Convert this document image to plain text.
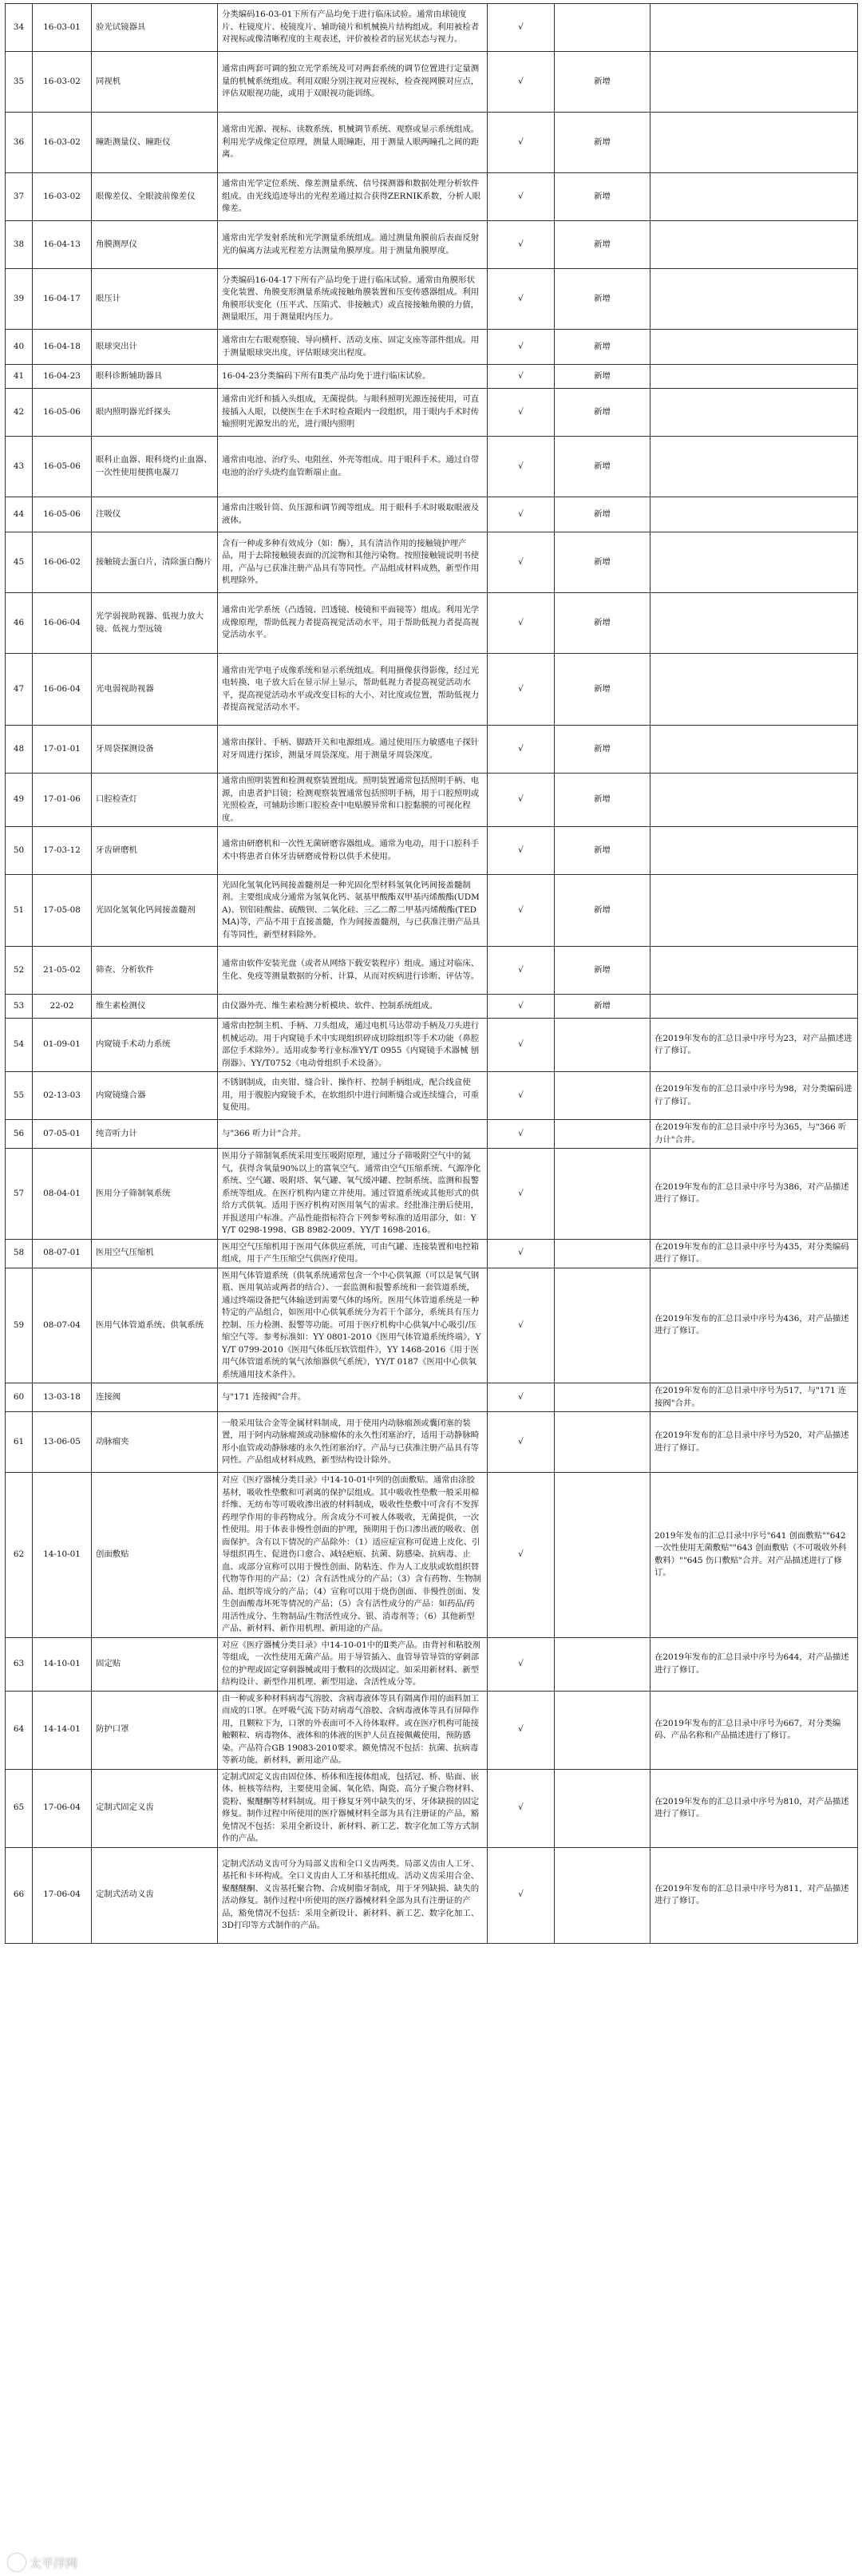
34	16-03-01	验光试镜器具	分类编码16-03-01下所有产品均免于进行临床试验。通常由球镜度片、柱镜度片、棱镜度片、辅助镜片和机械换片结构组成。利用被检者对视标或像清晰程度的主观表述，评价被检者的屈光状态与视力。	√		
35	16-03-02	同视机	通常由两套可调的独立光学系统及可对两套系统的调节位置进行定量测量的机械系统组成。利用双眼分别注视对应视标，检查视网膜对应点，评估双眼视功能，或用于双眼视功能训练。	√	新增	
36	16-03-02	瞳距测量仪、瞳距仪	通常由光源、视标、读数系统、机械调节系统、观察或显示系统组成。利用光学成像定位原理，测量人眼瞳距，用于测量人眼两瞳孔之间的距离。	√	新增	
37	16-03-02	眼像差仪、全眼波前像差仪	通常由光学定位系统、像差测量系统、信号探测器和数据处理分析软件组成。由光线追迹导出的光程差通过拟合获得ZERNIK系数，分析人眼像差。	√	新增	
38	16-04-13	角膜测厚仪	通常由光学发射系统和光学测量系统组成。通过测量角膜前后表面反射光的偏离方法或光程差方法测量角膜厚度。用于测量角膜厚度。	√	新增	
39	16-04-17	眼压计	分类编码16-04-17下所有产品均免于进行临床试验。通常由角膜形状变化装置、角膜变形测量系统或接触角膜装置和压变传感器组成。利用角膜形状变化（压平式、压陷式、非接触式）或直接接触角膜的力值，测量眼压，用于测量眼内压力。	√	新增	
40	16-04-18	眼球突出计	通常由左右眼观察镜、导向横杆、活动支座、固定支座等部件组成。用于测量眼球突出度，评估眼球突出程度。	√	新增	
41	16-04-23	眼科诊断辅助器具	16-04-23分类编码下所有Ⅱ类产品均免于进行临床试验。	√	新增	
42	16-05-06	眼内照明器光纤探头	通常由光纤和插入头组成，无菌提供。与眼科照明光源连接使用，可直接插入人眼，以便医生在手术时检查眼内一段组织，用于眼内手术时传输照明光源发出的光，进行眼内照明	√	新增	
43	16-05-06	眼科止血器、眼科烧灼止血器、一次性使用便携电凝刀	通常由电池、治疗头、电阻丝、外壳等组成。用于眼科手术。通过自带电池的治疗头烧灼血管断端止血。	√	新增	
44	16-05-06	注吸仪	通常由注吸针筒、负压源和调节阀等组成。用于眼科手术时吸取眼液及液体。	√	新增	
45	16-06-02	接触镜去蛋白片，清除蛋白酶片	含有一种或多种有效成分（如：酶），具有清洁作用的接触镜护理产品，用于去除接触镜表面的沉淀物和其他污染物。按照接触镜说明书使用，产品与已获准注册产品具有等同性。产品组成材料成熟，新型作用机理除外。	√	新增	
46	16-06-04	光学弱视助视器、低视力放大镜、低视力型远镜	通常由光学系统（凸透镜、凹透镜、棱镜和平面镜等）组成。利用光学成像原理，帮助低视力者提高视觉活动水平，用于帮助低视力者提高视觉活动水平。	√	新增	
47	16-06-04	光电弱视助视器	通常由光学电子成像系统和显示系统组成。利用摄像获得影像，经过光电转换、电子放大后在显示屏上显示，帮助低视力者提高视觉活动水平，提高视觉活动水平或改变目标的大小、对比度或位置，帮助低视力者提高视觉活动水平。	√	新增	
48	17-01-01	牙周袋探测设备	通常由探针、手柄、脚踏开关和电源组成。通过使用压力敏感电子探针对牙周进行探诊，测量牙周袋深度。用于测量牙周袋深度。	√	新增	
49	17-01-06	口腔检查灯	通常由照明装置和检测观察装置组成。照明装置通常包括照明手柄、电源，由患者护目镜；检测观察装置通常包括照明手柄，用于口腔照明或光照检查，可辅助诊断口腔检查中电贴膜异常和口腔黏膜的可视化程度。	√	新增	
50	17-03-12	牙齿研磨机	通常由研磨机和一次性无菌研磨容器组成。通常为电动，用于口腔科手术中将患者自体牙齿研磨成骨粉以供手术使用。	√	新增	
51	17-05-08	光固化氢氧化钙间接盖髓剂	光固化氢氧化钙间接盖髓剂是一种光固化型材料氢氧化钙间接盖髓制剂。主要组成成分通常为氢氧化钙、氨基甲酸酯双甲基丙烯酸酯(UDMA)、钡铝硅酸盐、硫酸钡、二氧化硅、三乙二醇二甲基丙烯酸酯(TEDMA)等，产品不用于直接盖髓，作为间接盖髓剂，与已获准注册产品具有等同性，新型材料除外。	√	新增	
52	21-05-02	筛查、分析软件	通常由软件安装光盘（或者从网络下载安装程序）组成。通过对临床、生化、免疫等测量数据的分析、计算，从而对疾病进行诊断、评估等。	√	新增	
53	22-02	维生素检测仪	由仪器外壳、维生素检测分析模块、软件、控制系统组成。	√	新增	
54	01-09-01	内窥镜手术动力系统	通常由控制主机、手柄、刀头组成，通过电机马达带动手柄及刀头进行机械运动。用于内窥镜手术中实现组织碎成切除组织等手术功能（鼻腔部位手术除外）。适用或参考行业标准YY/T 0955《内窥镜手术器械 刨削器》、YY/T0752《电动骨组织手术设备》。	√		在2019年发布的汇总目录中序号为23，对产品描述进行了修订。
55	02-13-03	内窥镜缝合器	不锈钢制成，由夹钳、缝合针、操作杆、控制手柄组成，配合线盒使用，用于腹腔内窥镜手术，在软组织中进行间断缝合或连续缝合，可重复使用。	√		在2019年发布的汇总目录中序号为98，对分类编码进行了修订。
56	07-05-01	纯音听力计	与"366 听力计"合并。	√		在2019年发布的汇总目录中序号为365，与"366 听力计"合并。
57	08-04-01	医用分子筛制氧系统	医用分子筛制氧系统采用变压吸附原理，通过分子筛吸附空气中的氮气，获得含氧量90%以上的富氧空气。通常由空气压缩系统、气源净化系统、空气罐、吸附塔、氧气罐、氧气缓冲罐、控制系统、监测和报警系统等组成。在医疗机构内建立并使用。通过管道系统或其他形式的供给方式供氧。适用于医疗机构对医用氧气的需求。经批准注册后使用，并报送用户标准。产品性能指标符合下列参考标准的适用部分，如：YY/T 0298-1998、GB 8982-2009、YY/T 1698-2016。	√		在2019年发布的汇总目录中序号为386，对产品描述进行了修订。
58	08-07-01	医用空气压缩机	医用空气压缩机用于医用气体供应系统，可由气罐、连接装置和电控箱组成，用于产生压缩空气供医疗使用。	√		在2019年发布的汇总目录中序号为435，对分类编码进行了修订。
59	08-07-04	医用气体管道系统、供氧系统	医用气体管道系统（供氧系统通常包含一个中心供氧源（可以是氧气钢瓶、医用氧站或两者的结合）、一套监测和报警系统和一套管道系统，通过终端设备把气体输送到需要气体的场所。医用气体管道系统是一种特定的产品组合，如医用中心供氧系统分为若干个部分，系统具有压力控制、压力检测、报警等功能。可用于医疗机构中心供氧/中心吸引/压缩空气等。参考标准如：YY 0801-2010《医用气体管道系统终端》，YY/T 0799-2010《医用气体低压软管组件》，YY 1468-2016《用于医用气体管道系统的氧气浓缩器供气系统》，YY/T 0187《医用中心供氧系统通用技术条件》。	√		在2019年发布的汇总目录中序号为436，对产品描述进行了修订。
60	13-03-18	连接阀	与"171 连接阀"合并。	√		在2019年发布的汇总目录中序号为517，与"171 连接阀"合并。
61	13-06-05	动脉瘤夹	一般采用钛合金等金属材料制成，用于使用内动脉瘤颈或囊闭塞的装置，用于阿内动脉瘤颈或动脉瘤体的永久性闭塞治疗，适用于动静脉畸形小血管或动静脉瘘的永久性闭塞治疗。产品与已获准注册产品具有等同性。产品组成材料成熟，新型结构设计除外。	√		在2019年发布的汇总目录中序号为520，对产品描述进行了修订。
62	14-10-01	创面敷贴	对应《医疗器械分类目录》中14-10-01中列的创面敷贴。通常由涂胶基材，吸收性垫敷和可剥离的保护层组成。其中吸收性垫敷一般采用棉纤维、无纺布等可吸收渗出液的材料制成，吸收性垫敷中可含有不发挥药理学作用的非药物成分。所含成分不可被人体吸收，无菌提供，一次性使用。用于体表非慢性创面的护理，预期用于伤口渗出液的吸收、创面保护。含有以下情况的产品除外：（1）适应症宣称可促进上皮化、引导组织再生、促进伤口愈合、减轻疤痕、抗菌、防感染、抗病毒、止血、或部分宣称可以用于慢性创面、防粘连、作为人工皮肤或软组织替代物等作用的产品；（2）含有活性成分的产品；（3）含有药物、生物制品、组织等成分的产品；（4）宣称可以用于烧伤创面、非慢性创面、发生创面酸毒坏死等情况的产品；（5）含有活性成分的产品：如药品/药用活性成分、生物制品/生物活性成分、银、消毒剂等；（6）其他新型产品、新材料、新作用机理、新用途的产品。	√		2019年发布的汇总目录中序号"641 创面敷贴""642 一次性使用无菌敷贴""643 创面敷贴（不可吸收外科敷料）""645 伤口敷贴"合并。对产品描述进行了修订。
63	14-10-01	固定贴	对应《医疗器械分类目录》中14-10-01中的Ⅱ类产品。由背衬和粘胶剂等组成，一次性使用无菌产品。用于导管插入、血管导管导管的穿刺部位的护理或固定穿刺器械或用于敷料的次级固定。如采用新材料、新型结构设计、新型作用机理、新型用途、含活性成分等。	√		在2019年发布的汇总目录中序号为644，对产品描述进行了修订。
64	14-14-01	防护口罩	由一种或多种材料病毒气溶胶、含病毒液体等具有隔离作用的面料加工而成的口罩。在呼吸气流下防对病毒气溶胶、含病毒液体等具有屏障作用，且颗粒下为，口罩的外表面可不入待体取样。或在医疗机构可能接触颗粒、病毒物体、液体和的体液的医护人员直接佩戴使用，预防感染。产品符合GB 19083-2010要求。额免情况不包括：抗菌、抗病毒等新功能，新材料，新用途产品。	√		在2019年发布的汇总目录中序号为667，对分类编码、产品名称和产品描述进行了修订。
65	17-06-04	定制式固定义齿	定制式固定义齿由固位体、桥体和连接体组成，包括冠、桥、贴面、嵌体、桩核等结构，主要使用金属、氧化锆、陶瓷、高分子聚合物材料、瓷粉、聚醚酮等材料制成。用于修复牙列中缺失的牙、牙体缺损的固定修复。制作过程中所使用的医疗器械材料全部为具有注册证的产品，豁免情况不包括：采用全新设计、新材料、新工艺、数字化加工等方式制作的产品。	√		在2019年发布的汇总目录中序号为810，对产品描述进行了修订。
66	17-06-04	定制式活动义齿	定制式活动义齿可分为局部义齿和全口义齿两类。局部义齿由人工牙、基托和卡环构成。全口义齿由人工牙和基托组成。活动义齿采用合金、聚醚醚酮、义齿基托聚合物、合成树脂牙制成，用于牙列缺损、缺失的活动修复。制作过程中所使用的医疗器械材料全部为具有注册证的产品，豁免情况不包括：采用全新设计、新材料、新工艺、数字化加工、3D打印等方式制作的产品。	√		在2019年发布的汇总目录中序号为811，对产品描述进行了修订。
太平洋网
